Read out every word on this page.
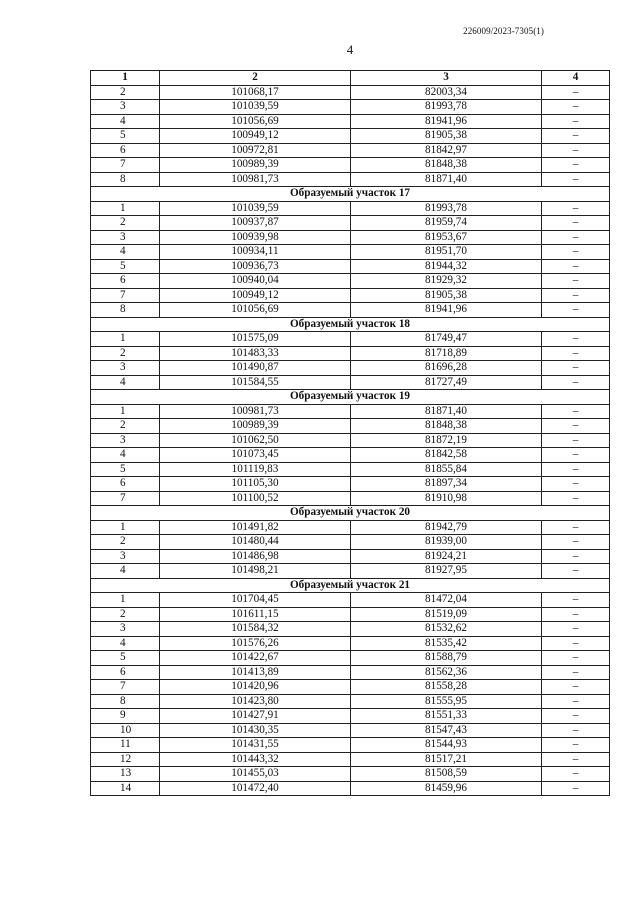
226009/2023-7305(1)
4
1	2	3	4
2	101068,17	82003,34	–
3	101039,59	81993,78	–
4	101056,69	81941,96	–
5	100949,12	81905,38	–
6	100972,81	81842,97	–
7	100989,39	81848,38	–
8	100981,73	81871,40	–
Образуемый участок 17			
1	101039,59	81993,78	–
2	100937,87	81959,74	–
3	100939,98	81953,67	–
4	100934,11	81951,70	–
5	100936,73	81944,32	–
6	100940,04	81929,32	–
7	100949,12	81905,38	–
8	101056,69	81941,96	–
Образуемый участок 18			
1	101575,09	81749,47	–
2	101483,33	81718,89	–
3	101490,87	81696,28	–
4	101584,55	81727,49	–
Образуемый участок 19			
1	100981,73	81871,40	–
2	100989,39	81848,38	–
3	101062,50	81872,19	–
4	101073,45	81842,58	–
5	101119,83	81855,84	–
6	101105,30	81897,34	–
7	101100,52	81910,98	–
Образуемый участок 20			
1	101491,82	81942,79	–
2	101480,44	81939,00	–
3	101486,98	81924,21	–
4	101498,21	81927,95	–
Образуемый участок 21			
1	101704,45	81472,04	–
2	101611,15	81519,09	–
3	101584,32	81532,62	–
4	101576,26	81535,42	–
5	101422,67	81588,79	–
6	101413,89	81562,36	–
7	101420,96	81558,28	–
8	101423,80	81555,95	–
9	101427,91	81551,33	–
10	101430,35	81547,43	–
11	101431,55	81544,93	–
12	101443,32	81517,21	–
13	101455,03	81508,59	–
14	101472,40	81459,96	–
